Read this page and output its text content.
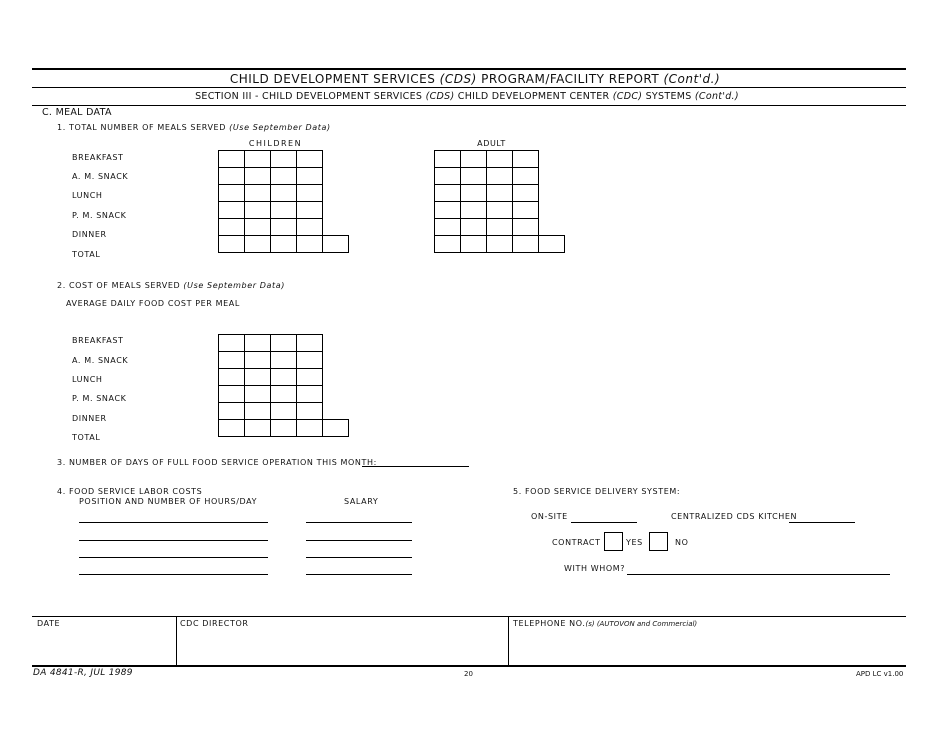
CHILD DEVELOPMENT SERVICES (CDS) PROGRAM/FACILITY REPORT (Cont'd.)
SECTION III - CHILD DEVELOPMENT SERVICES (CDS) CHILD DEVELOPMENT CENTER (CDC) SYSTEMS (Cont'd.)
C. MEAL DATA
1. TOTAL NUMBER OF MEALS SERVED (Use September Data)
CHILDREN	ADULT
BREAKFAST
A. M. SNACK
LUNCH
P. M. SNACK
DINNER
TOTAL

2. COST OF MEALS SERVED (Use September Data)
AVERAGE DAILY FOOD COST PER MEAL
BREAKFAST
A. M. SNACK
LUNCH
P. M. SNACK
DINNER
TOTAL

3. NUMBER OF DAYS OF FULL FOOD SERVICE OPERATION THIS MONTH:
4. FOOD SERVICE LABOR COSTS
POSITION AND NUMBER OF HOURS/DAY	SALARY
5. FOOD SERVICE DELIVERY SYSTEM:
ON-SITE	CENTRALIZED CDS KITCHEN
CONTRACT	YES	NO
WITH WHOM?
DATE	CDC DIRECTOR	TELEPHONE NO.(s) (AUTOVON and Commercial)
DA 4841-R, JUL 1989	20	APD LC v1.00
